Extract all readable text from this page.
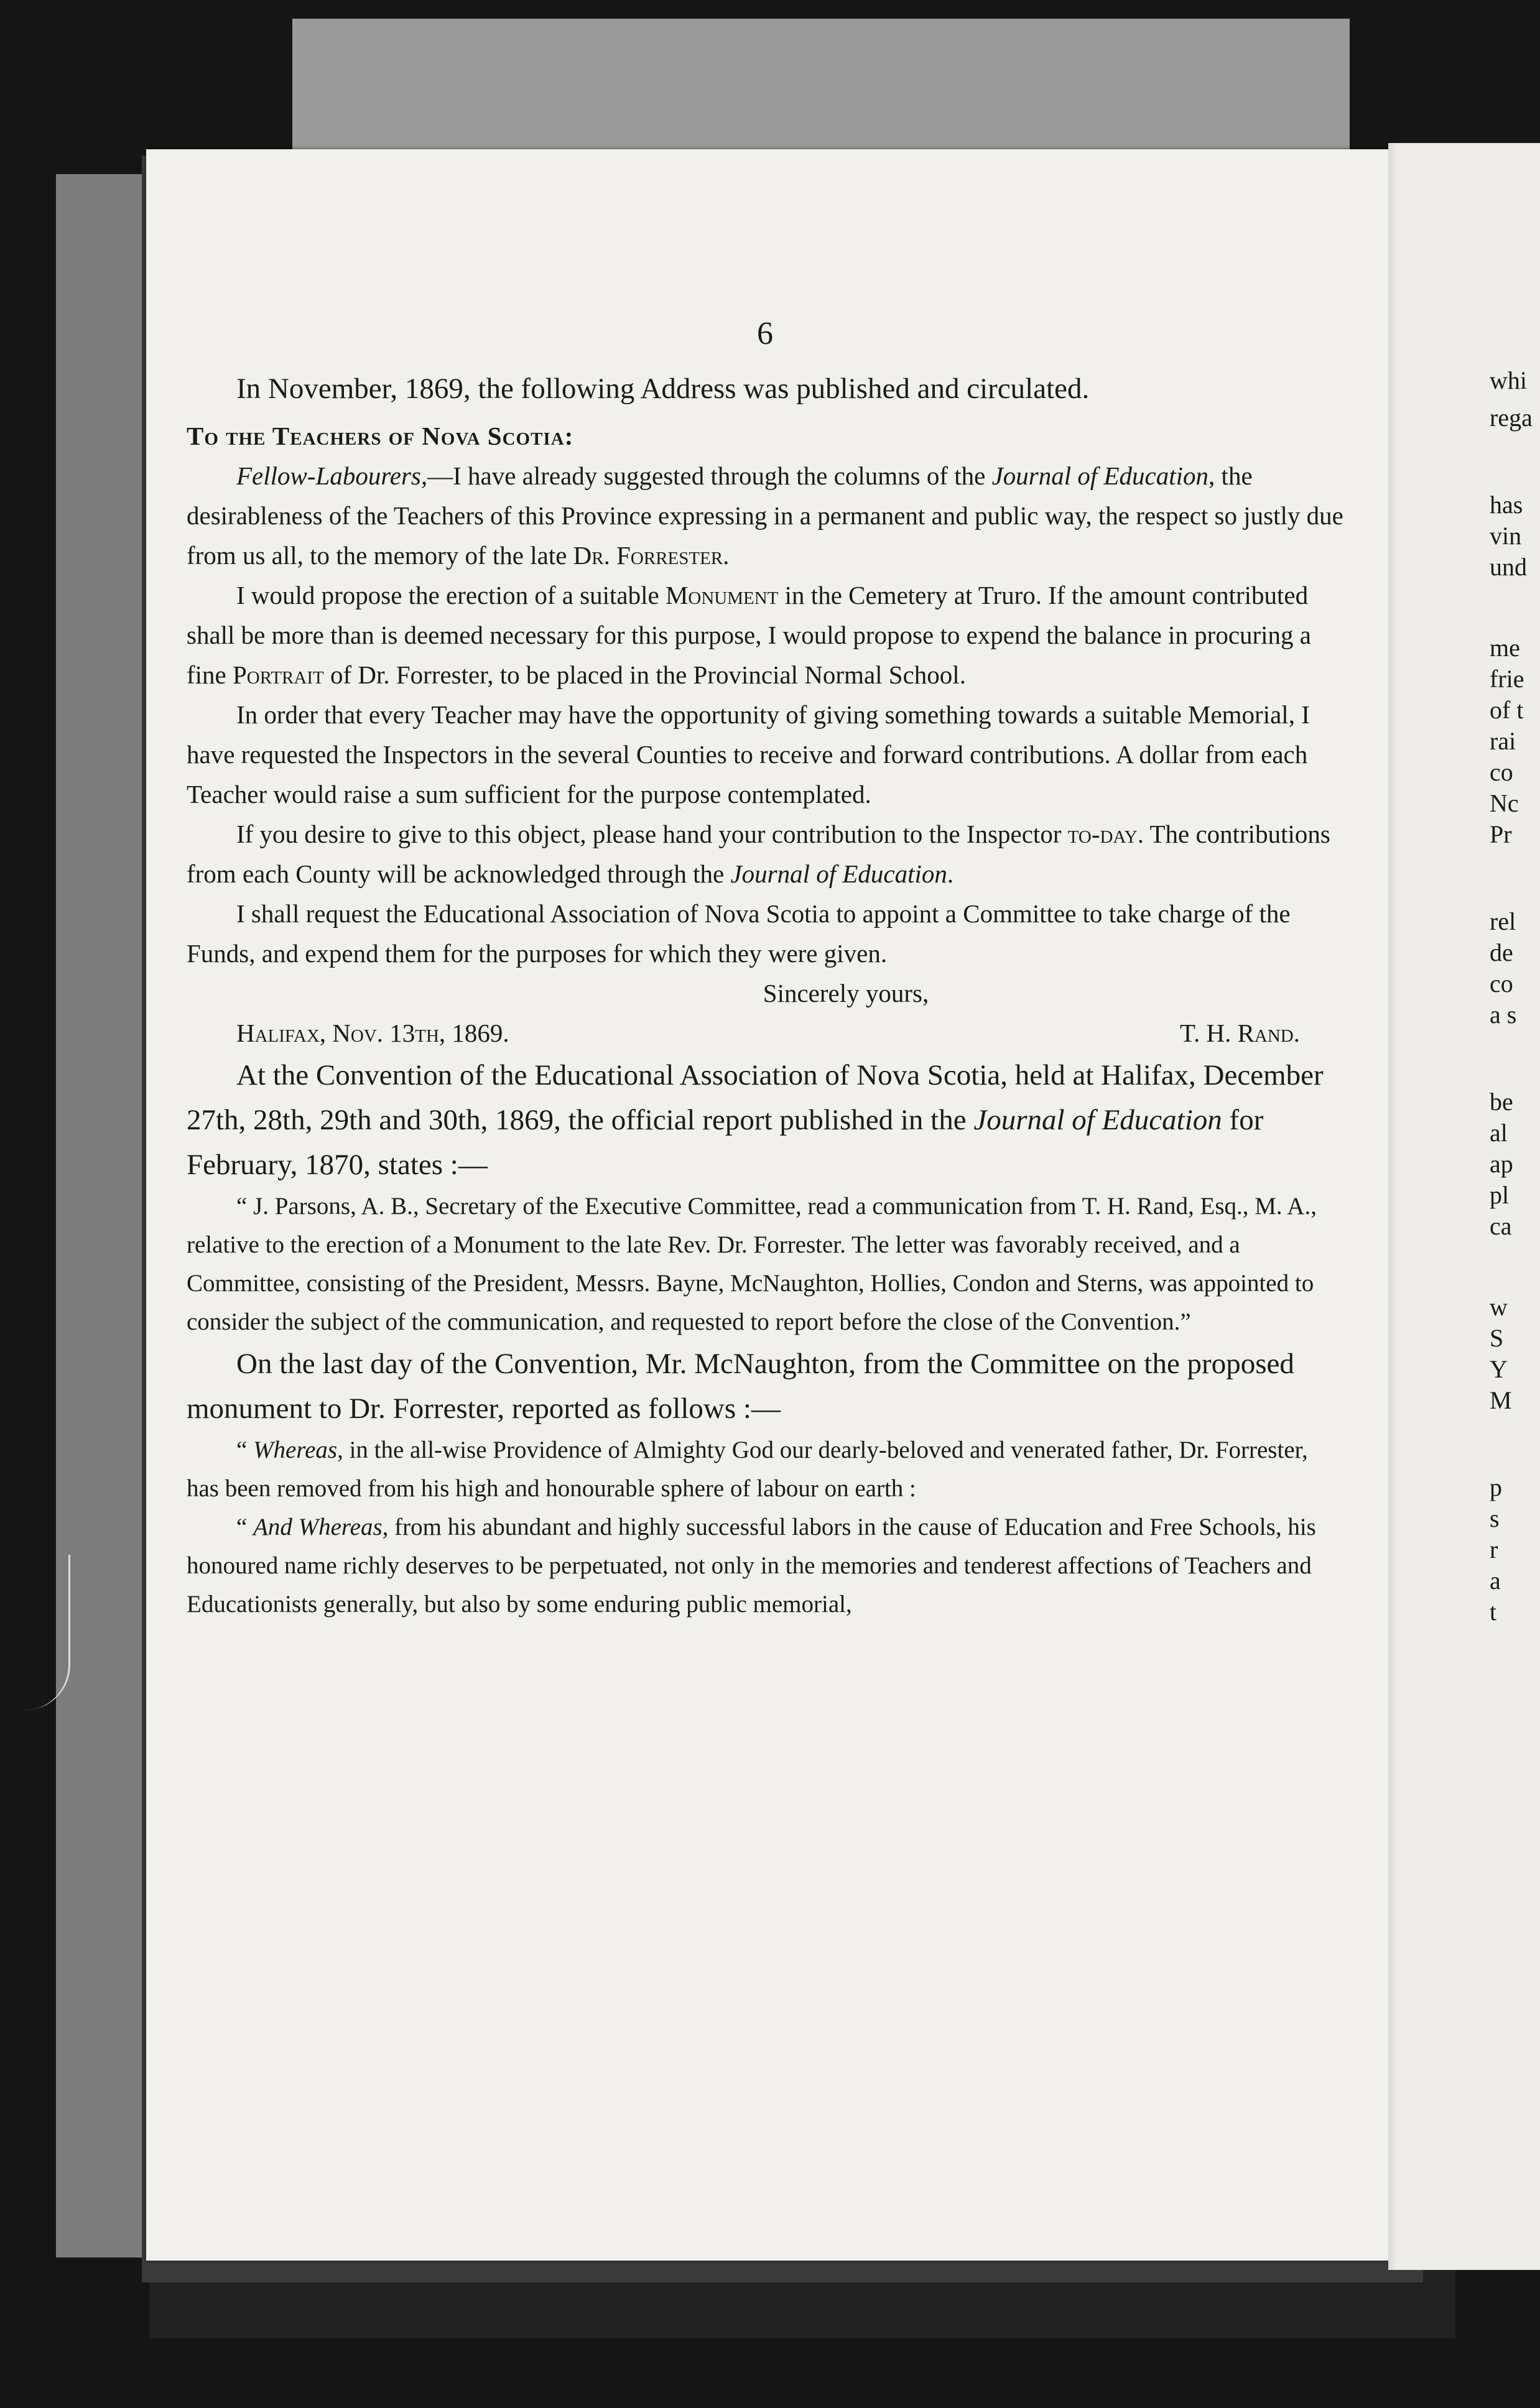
whi
rega
has
vin
und
me
frie
of t
rai
co
Nc
Pr
rel
de
co
a s
be
al
ap
pl
ca
w
S
Y
M
p
s
r
a
t
6

In November, 1869, the following Address was published and circulated.

To the Teachers of Nova Scotia:

Fellow-Labourers,—I have already suggested through the columns of the Journal of Education, the desirableness of the Teachers of this Province expressing in a permanent and public way, the respect so justly due from us all, to the memory of the late Dr. Forrester.

I would propose the erection of a suitable Monument in the Cemetery at Truro. If the amount contributed shall be more than is deemed necessary for this purpose, I would propose to expend the balance in procuring a fine Portrait of Dr. Forrester, to be placed in the Provincial Normal School.

In order that every Teacher may have the opportunity of giving something towards a suitable Memorial, I have requested the Inspectors in the several Counties to receive and forward contributions. A dollar from each Teacher would raise a sum sufficient for the purpose contemplated.

If you desire to give to this object, please hand your contribution to the Inspector to-day. The contributions from each County will be acknowledged through the Journal of Education.

I shall request the Educational Association of Nova Scotia to appoint a Committee to take charge of the Funds, and expend them for the purposes for which they were given.

Sincerely yours,

Halifax, Nov. 13th, 1869.	T. H. Rand.

At the Convention of the Educational Association of Nova Scotia, held at Halifax, December 27th, 28th, 29th and 30th, 1869, the official report published in the Journal of Education for February, 1870, states :—

“ J. Parsons, A. B., Secretary of the Executive Committee, read a communication from T. H. Rand, Esq., M. A., relative to the erection of a Monument to the late Rev. Dr. Forrester. The letter was favorably received, and a Committee, consisting of the President, Messrs. Bayne, McNaughton, Hollies, Condon and Sterns, was appointed to consider the subject of the communication, and requested to report before the close of the Convention.”

On the last day of the Convention, Mr. McNaughton, from the Committee on the proposed monument to Dr. Forrester, reported as follows :—

“ Whereas, in the all-wise Providence of Almighty God our dearly-beloved and venerated father, Dr. Forrester, has been removed from his high and honourable sphere of labour on earth :

“ And Whereas, from his abundant and highly successful labors in the cause of Education and Free Schools, his honoured name richly deserves to be perpetuated, not only in the memories and tenderest affections of Teachers and Educationists generally, but also by some enduring public memorial,
